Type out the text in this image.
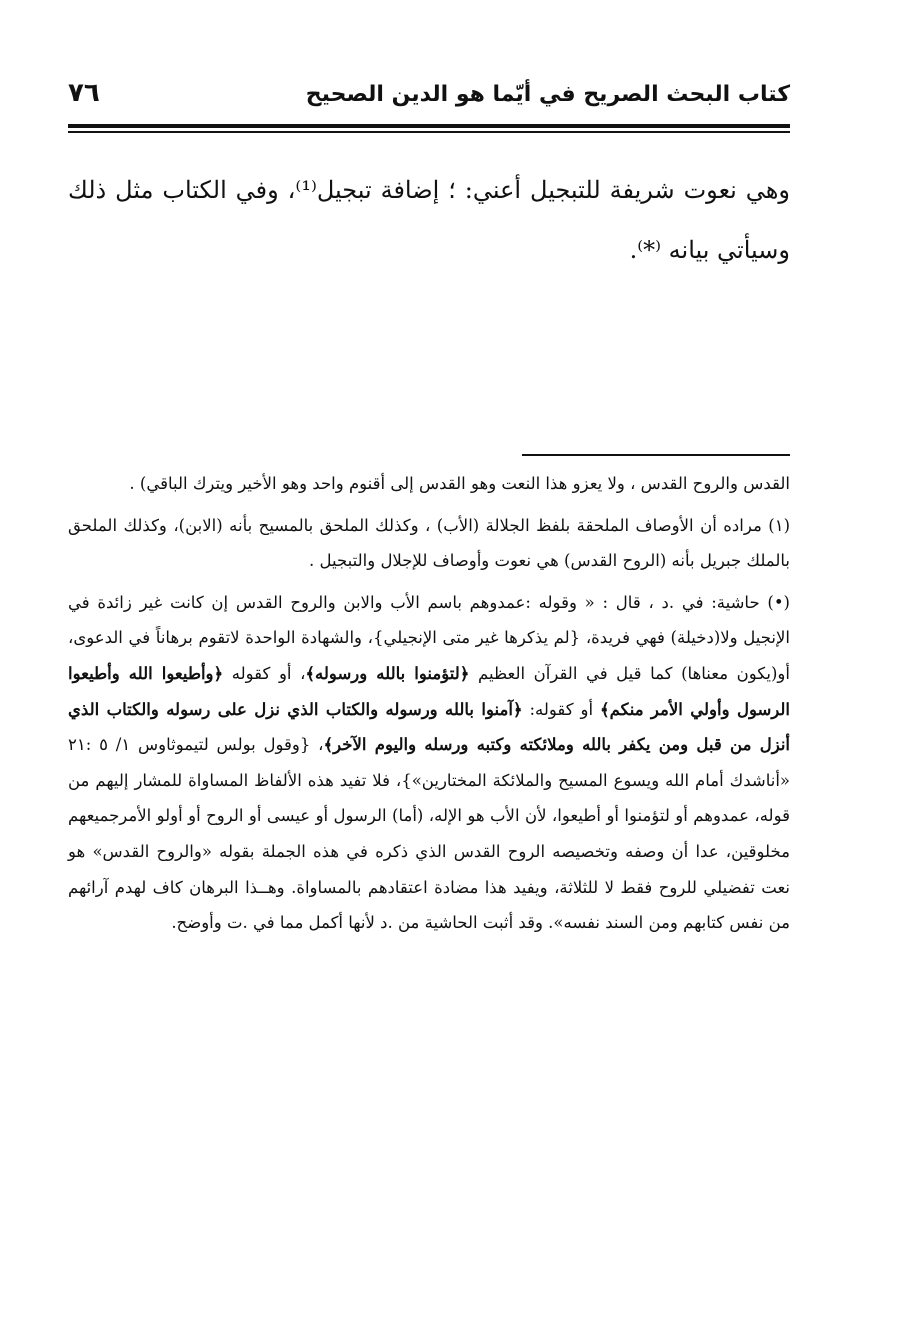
كتاب البحث الصريح في أيّما هو الدين الصحيح
٧٦

وهي نعوت شريفة للتبجيل أعني: ؛ إضافة تبجيل⁽¹⁾، وفي الكتاب مثل ذلك وسيأتي بيانه ⁽*⁾.

القدس والروح القدس ، ولا يعزو هذا النعت وهو القدس إلى أقنوم واحد وهو الأخير ويترك الباقي) .

(١) مراده أن الأوصاف الملحقة بلفظ الجلالة (الأب) ، وكذلك الملحق بالمسيح بأنه (الابن)، وكذلك الملحق بالملك جبريل بأنه (الروح القدس) هي نعوت وأوصاف للإجلال والتبجيل .

(•) حاشية: في .د ، قال : « وقوله :عمدوهم باسم الأب والابن والروح القدس إن كانت غير زائدة في الإنجيل ولا(دخيلة) فهي فريدة، {لم يذكرها غير متى الإنجيلي}، والشهادة الواحدة لاتقوم برهاناً في الدعوى، أو(يكون معناها) كما قيل في القرآن العظيم ﴿لتؤمنوا بالله ورسوله﴾، أو كقوله ﴿وأطيعوا الله وأطيعوا الرسول وأولي الأمر منكم﴾ أو كقوله: ﴿آمنوا بالله ورسوله والكتاب الذي نزل على رسوله والكتاب الذي أنزل من قبل ومن يكفر بالله وملائكته وكتبه ورسله واليوم الآخر﴾، {وقول بولس لتيموثاوس ١/ ٥ :٢١ «أناشدك أمام الله ويسوع المسيح والملائكة المختارين»}، فلا تفيد هذه الألفاظ المساواة للمشار إليهم من قوله، عمدوهم أو لتؤمنوا أو أطيعوا، لأن الأب هو الإله، (أما) الرسول أو عيسى أو الروح أو أولو الأمرجميعهم مخلوقين، عدا أن وصفه وتخصيصه الروح القدس الذي ذكره في هذه الجملة بقوله «والروح القدس» هو نعت تفضيلي للروح فقط لا للثلاثة، ويفيد هذا مضادة اعتقادهم بالمساواة. وهــذا البرهان كاف لهدم آرائهم من نفس كتابهم ومن السند نفسه». وقد أثبت الحاشية من .د لأنها أكمل مما في .ت وأوضح.
